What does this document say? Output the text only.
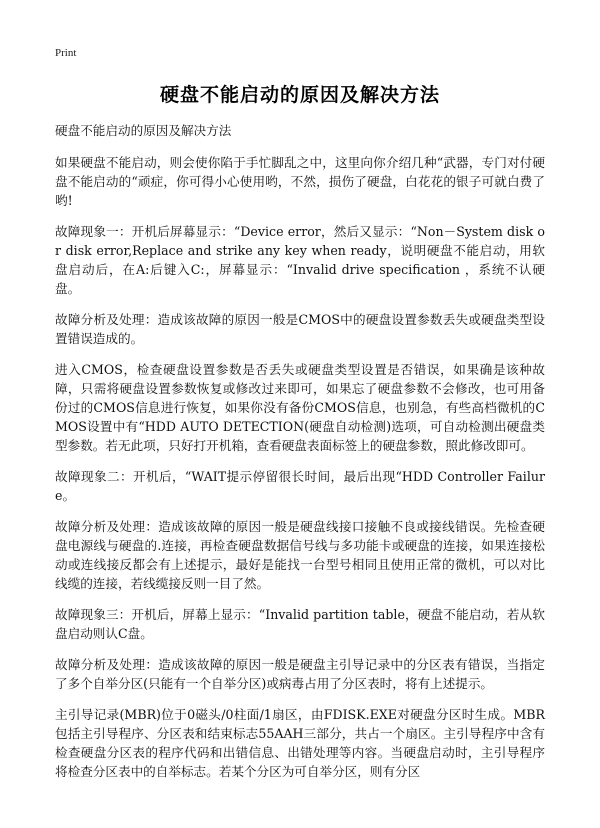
Print
硬盘不能启动的原因及解决方法

硬盘不能启动的原因及解决方法

如果硬盘不能启动，则会使你陷于手忙脚乱之中，这里向你介绍几种“武器，专门对付硬盘不能启动的“顽症，你可得小心使用哟，不然，损伤了硬盘，白花花的银子可就白费了哟!

故障现象一：开机后屏幕显示：“Device error，然后又显示：“Non－System disk or disk error,Replace and strike any key when ready，说明硬盘不能启动，用软盘启动后，在A:后键入C:，屏幕显示：“Invalid drive specification ，系统不认硬盘。

故障分析及处理：造成该故障的原因一般是CMOS中的硬盘设置参数丢失或硬盘类型设置错误造成的。

进入CMOS，检查硬盘设置参数是否丢失或硬盘类型设置是否错误，如果确是该种故障，只需将硬盘设置参数恢复或修改过来即可，如果忘了硬盘参数不会修改，也可用备份过的CMOS信息进行恢复，如果你没有备份CMOS信息，也别急，有些高档微机的CMOS设置中有“HDD AUTO DETECTION(硬盘自动检测)选项，可自动检测出硬盘类型参数。若无此项，只好打开机箱，查看硬盘表面标签上的硬盘参数，照此修改即可。

故障现象二：开机后，“WAIT提示停留很长时间，最后出现“HDD Controller Failure。

故障分析及处理：造成该故障的原因一般是硬盘线接口接触不良或接线错误。先检查硬盘电源线与硬盘的.连接，再检查硬盘数据信号线与多功能卡或硬盘的连接，如果连接松动或连线接反都会有上述提示，最好是能找一台型号相同且使用正常的微机，可以对比线缆的连接，若线缆接反则一目了然。

故障现象三：开机后，屏幕上显示：“Invalid partition table，硬盘不能启动，若从软盘启动则认C盘。

故障分析及处理：造成该故障的原因一般是硬盘主引导记录中的分区表有错误，当指定了多个自举分区(只能有一个自举分区)或病毒占用了分区表时，将有上述提示。

主引导记录(MBR)位于0磁头/0柱面/1扇区，由FDISK.EXE对硬盘分区时生成。MBR包括主引导程序、分区表和结束标志55AAH三部分，共占一个扇区。主引导程序中含有检查硬盘分区表的程序代码和出错信息、出错处理等内容。当硬盘启动时，主引导程序将检查分区表中的自举标志。若某个分区为可自举分区，则有分区
